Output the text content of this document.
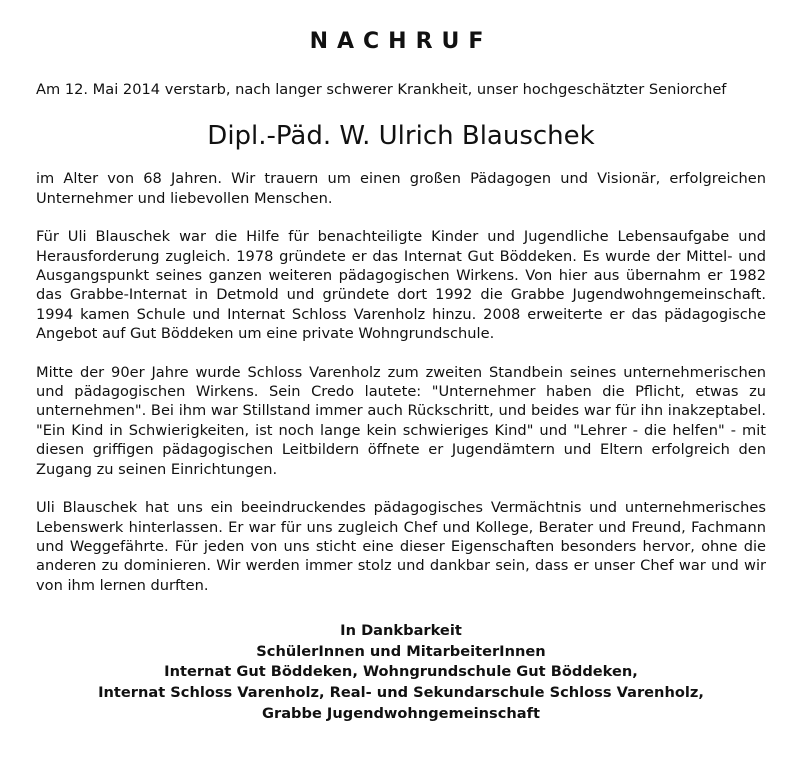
NACHRUF

Am 12. Mai 2014 verstarb, nach langer schwerer Krankheit, unser hochgeschätzter Seniorchef

Dipl.-Päd. W. Ulrich Blauschek

im Alter von 68 Jahren. Wir trauern um einen großen Pädagogen und Visionär, erfolgreichen Unternehmer und liebevollen Menschen.

Für Uli Blauschek war die Hilfe für benachteiligte Kinder und Jugendliche Lebensaufgabe und Herausforderung zugleich. 1978 gründete er das Internat Gut Böddeken. Es wurde der Mittel- und Ausgangspunkt seines ganzen weiteren pädagogischen Wirkens. Von hier aus übernahm er 1982 das Grabbe-Internat in Detmold und gründete dort 1992 die Grabbe Jugendwohngemeinschaft. 1994 kamen Schule und Internat Schloss Varenholz hinzu. 2008 erweiterte er das pädagogische Angebot auf Gut Böddeken um eine private Wohngrundschule.

Mitte der 90er Jahre wurde Schloss Varenholz zum zweiten Standbein seines unternehmerischen und pädagogischen Wirkens. Sein Credo lautete: "Unternehmer haben die Pflicht, etwas zu unternehmen". Bei ihm war Stillstand immer auch Rückschritt, und beides war für ihn inakzeptabel. "Ein Kind in Schwierigkeiten, ist noch lange kein schwieriges Kind" und "Lehrer - die helfen" - mit diesen griffigen pädagogischen Leitbildern öffnete er Jugendämtern und Eltern erfolgreich den Zugang zu seinen Einrichtungen.

Uli Blauschek hat uns ein beeindruckendes pädagogisches Vermächtnis und unternehmerisches Lebenswerk hinterlassen. Er war für uns zugleich Chef und Kollege, Berater und Freund, Fachmann und Weggefährte. Für jeden von uns sticht eine dieser Eigenschaften besonders hervor, ohne die anderen zu dominieren. Wir werden immer stolz und dankbar sein, dass er unser Chef war und wir von ihm lernen durften.

In Dankbarkeit
SchülerInnen und MitarbeiterInnen
Internat Gut Böddeken, Wohngrundschule Gut Böddeken,
Internat Schloss Varenholz, Real- und Sekundarschule Schloss Varenholz,
Grabbe Jugendwohngemeinschaft
